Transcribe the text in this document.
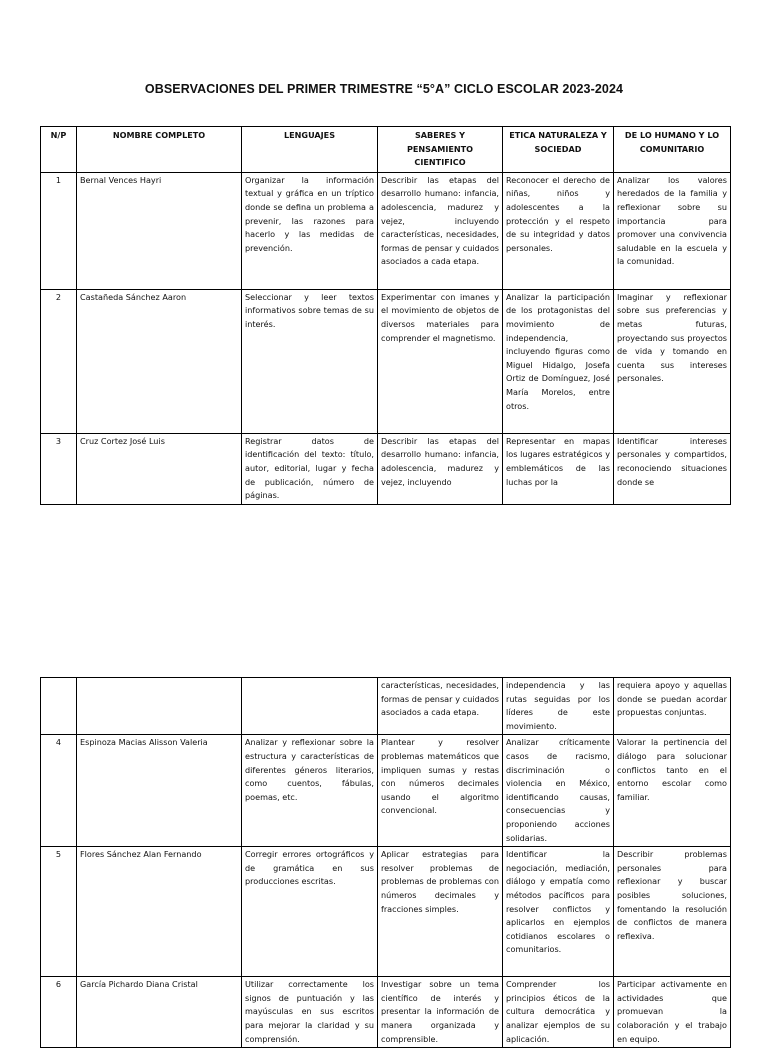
OBSERVACIONES DEL PRIMER TRIMESTRE “5°A” CICLO ESCOLAR 2023-2024
N/P	NOMBRE COMPLETO	LENGUAJES	SABERES Y PENSAMIENTO CIENTIFICO	ETICA NATURALEZA Y SOCIEDAD	DE LO HUMANO Y LO COMUNITARIO
1	Bernal Vences Hayri	Organizar la información textual y gráfica en un tríptico donde se defina un problema a prevenir, las razones para hacerlo y las medidas de prevención.	Describir las etapas del desarrollo humano: infancia, adolescencia, madurez y vejez, incluyendo características, necesidades, formas de pensar y cuidados asociados a cada etapa.	Reconocer el derecho de niñas, niños y adolescentes a la protección y el respeto de su integridad y datos personales.	Analizar los valores heredados de la familia y reflexionar sobre su importancia para promover una convivencia saludable en la escuela y la comunidad.
2	Castañeda Sánchez Aaron	Seleccionar y leer textos informativos sobre temas de su interés.	Experimentar con imanes y el movimiento de objetos de diversos materiales para comprender el magnetismo.	Analizar la participación de los protagonistas del movimiento de independencia, incluyendo figuras como Miguel Hidalgo, Josefa Ortiz de Domínguez, José María Morelos, entre otros.	Imaginar y reflexionar sobre sus preferencias y metas futuras, proyectando sus proyectos de vida y tomando en cuenta sus intereses personales.
3	Cruz Cortez José Luis	Registrar datos de identificación del texto: título, autor, editorial, lugar y fecha de publicación, número de páginas.	Describir las etapas del desarrollo humano: infancia, adolescencia, madurez y vejez, incluyendo	Representar en mapas los lugares estratégicos y emblemáticos de las luchas por la	Identificar intereses personales y compartidos, reconociendo situaciones donde se
			características, necesidades, formas de pensar y cuidados asociados a cada etapa.	independencia y las rutas seguidas por los líderes de este movimiento.	requiera apoyo y aquellas donde se puedan acordar propuestas conjuntas.
4	Espinoza Macias Alisson Valeria	Analizar y reflexionar sobre la estructura y características de diferentes géneros literarios, como cuentos, fábulas, poemas, etc.	Plantear y resolver problemas matemáticos que impliquen sumas y restas con números decimales usando el algoritmo convencional.	Analizar críticamente casos de racismo, discriminación o violencia en México, identificando causas, consecuencias y proponiendo acciones solidarias.	Valorar la pertinencia del diálogo para solucionar conflictos tanto en el entorno escolar como familiar.
5	Flores Sánchez Alan Fernando	Corregir errores ortográficos y de gramática en sus producciones escritas.	Aplicar estrategias para resolver problemas de problemas de problemas con números decimales y fracciones simples.	Identificar la negociación, mediación, diálogo y empatía como métodos pacíficos para resolver conflictos y aplicarlos en ejemplos cotidianos escolares o comunitarios.	Describir problemas personales para reflexionar y buscar posibles soluciones, fomentando la resolución de conflictos de manera reflexiva.
6	García Pichardo Diana Cristal	Utilizar correctamente los signos de puntuación y las mayúsculas en sus escritos para mejorar la claridad y su comprensión.	Investigar sobre un tema científico de interés y presentar la información de manera organizada y comprensible.	Comprender los principios éticos de la cultura democrática y analizar ejemplos de su aplicación.	Participar activamente en actividades que promuevan la colaboración y el trabajo en equipo.
